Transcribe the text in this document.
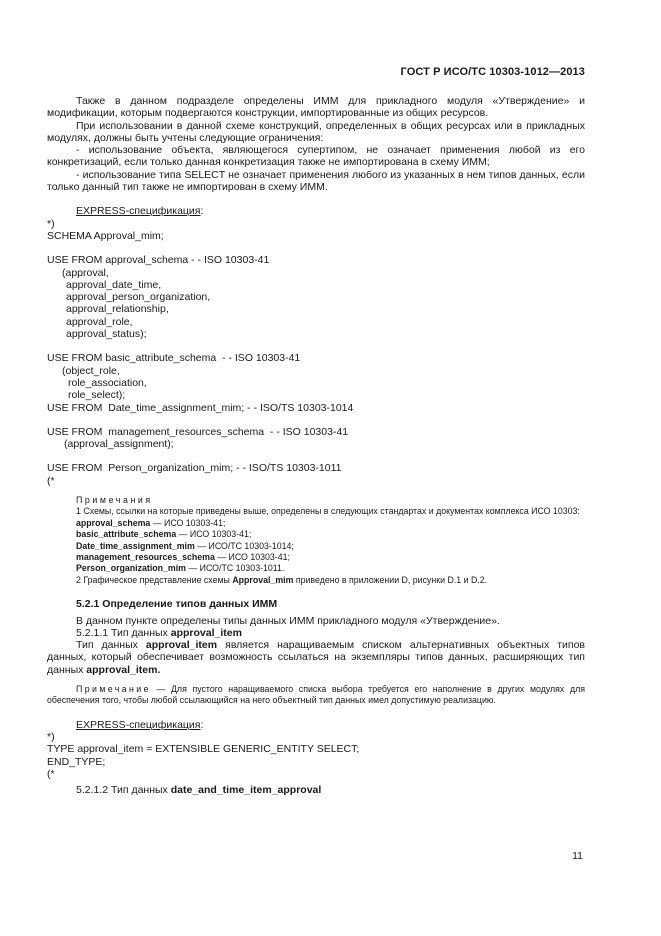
ГОСТ Р ИСО/ТС 10303-1012—2013

Также в данном подразделе определены ИММ для прикладного модуля «Утверждение» и модификации, которым подвергаются конструкции, импортированные из общих ресурсов.

При использовании в данной схеме конструкций, определенных в общих ресурсах или в прикладных модулях, должны быть учтены следующие ограничения:

- использование объекта, являющегося супертипом, не означает применения любой из его конкретизаций, если только данная конкретизация также не импортирована в схему ИММ;

- использование типа SELECT не означает применения любого из указанных в нем типов данных, если только данный тип также не импортирован в схему ИММ.

EXPRESS-спецификация:

*)

SCHEMA Approval_mim;

USE FROM approval_schema - - ISO 10303-41

(approval,

approval_date_time,

approval_person_organization,

approval_relationship,

approval_role,

approval_status);

USE FROM basic_attribute_schema  - - ISO 10303-41

(object_role,

role_association,

role_select);

USE FROM  Date_time_assignment_mim; - - ISO/TS 10303-1014

USE FROM  management_resources_schema  - - ISO 10303-41

(approval_assignment);

USE FROM  Person_organization_mim; - - ISO/TS 10303-1011

(*

Примечания

1 Схемы, ссылки на которые приведены выше, определены в следующих стандартах и документах комплекса ИСО 10303:

approval_schema — ИСО 10303-41;
basic_attribute_schema — ИСО 10303-41;
Date_time_assignment_mim — ИСО/ТС 10303-1014;
management_resources_schema — ИСО 10303-41;
Person_organization_mim — ИСО/ТС 10303-1011.
2 Графическое представление схемы Approval_mim приведено в приложении D, рисунки D.1 и D.2.

5.2.1 Определение типов данных ИММ

В данном пункте определены типы данных ИММ прикладного модуля «Утверждение».

5.2.1.1 Тип данных approval_item

Тип данных approval_item является наращиваемым списком альтернативных объектных типов данных, который обеспечивает возможность ссылаться на экземпляры типов данных, расширяющих тип данных approval_item.

Примечание — Для пустого наращиваемого списка выбора требуется его наполнение в других модулях для обеспечения того, чтобы любой ссылающийся на него объектный тип данных имел допустимую реализацию.

EXPRESS-спецификация:

*)

TYPE approval_item = EXTENSIBLE GENERIC_ENTITY SELECT;

END_TYPE;

(*

5.2.1.2 Тип данных date_and_time_item_approval

11
